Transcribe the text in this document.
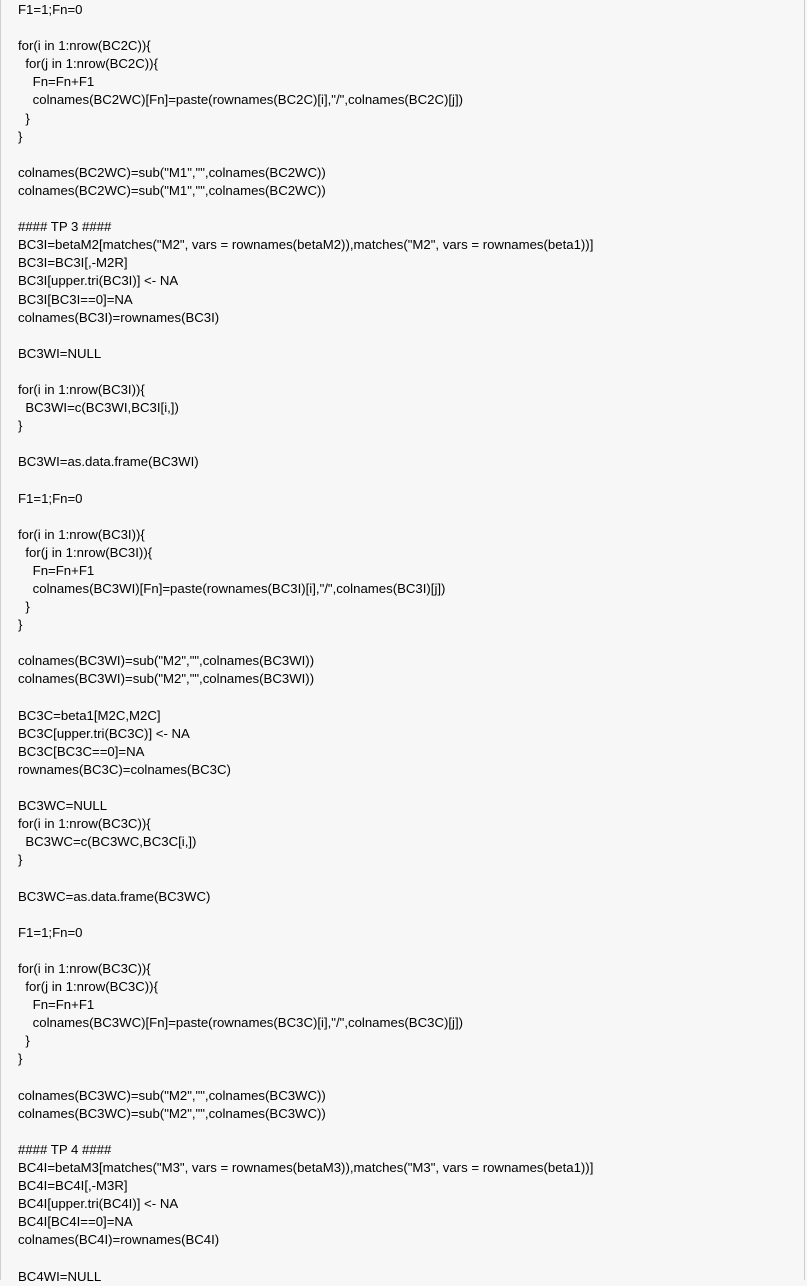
F1=1;Fn=0
for(i in 1:nrow(BC2C)){
for(j in 1:nrow(BC2C)){
Fn=Fn+F1
colnames(BC2WC)[Fn]=paste(rownames(BC2C)[i],"/",colnames(BC2C)[j])
}
}
colnames(BC2WC)=sub("M1","",colnames(BC2WC))
colnames(BC2WC)=sub("M1","",colnames(BC2WC))
#### TP 3 ####
BC3I=betaM2[matches("M2", vars = rownames(betaM2)),matches("M2", vars = rownames(beta1))]
BC3I=BC3I[,-M2R]
BC3I[upper.tri(BC3I)] <- NA
BC3I[BC3I==0]=NA
colnames(BC3I)=rownames(BC3I)
BC3WI=NULL
for(i in 1:nrow(BC3I)){
BC3WI=c(BC3WI,BC3I[i,])
}
BC3WI=as.data.frame(BC3WI)
F1=1;Fn=0
for(i in 1:nrow(BC3I)){
for(j in 1:nrow(BC3I)){
Fn=Fn+F1
colnames(BC3WI)[Fn]=paste(rownames(BC3I)[i],"/",colnames(BC3I)[j])
}
}
colnames(BC3WI)=sub("M2","",colnames(BC3WI))
colnames(BC3WI)=sub("M2","",colnames(BC3WI))
BC3C=beta1[M2C,M2C]
BC3C[upper.tri(BC3C)] <- NA
BC3C[BC3C==0]=NA
rownames(BC3C)=colnames(BC3C)
BC3WC=NULL
for(i in 1:nrow(BC3C)){
BC3WC=c(BC3WC,BC3C[i,])
}
BC3WC=as.data.frame(BC3WC)
F1=1;Fn=0
for(i in 1:nrow(BC3C)){
for(j in 1:nrow(BC3C)){
Fn=Fn+F1
colnames(BC3WC)[Fn]=paste(rownames(BC3C)[i],"/",colnames(BC3C)[j])
}
}
colnames(BC3WC)=sub("M2","",colnames(BC3WC))
colnames(BC3WC)=sub("M2","",colnames(BC3WC))
#### TP 4 ####
BC4I=betaM3[matches("M3", vars = rownames(betaM3)),matches("M3", vars = rownames(beta1))]
BC4I=BC4I[,-M3R]
BC4I[upper.tri(BC4I)] <- NA
BC4I[BC4I==0]=NA
colnames(BC4I)=rownames(BC4I)
BC4WI=NULL
